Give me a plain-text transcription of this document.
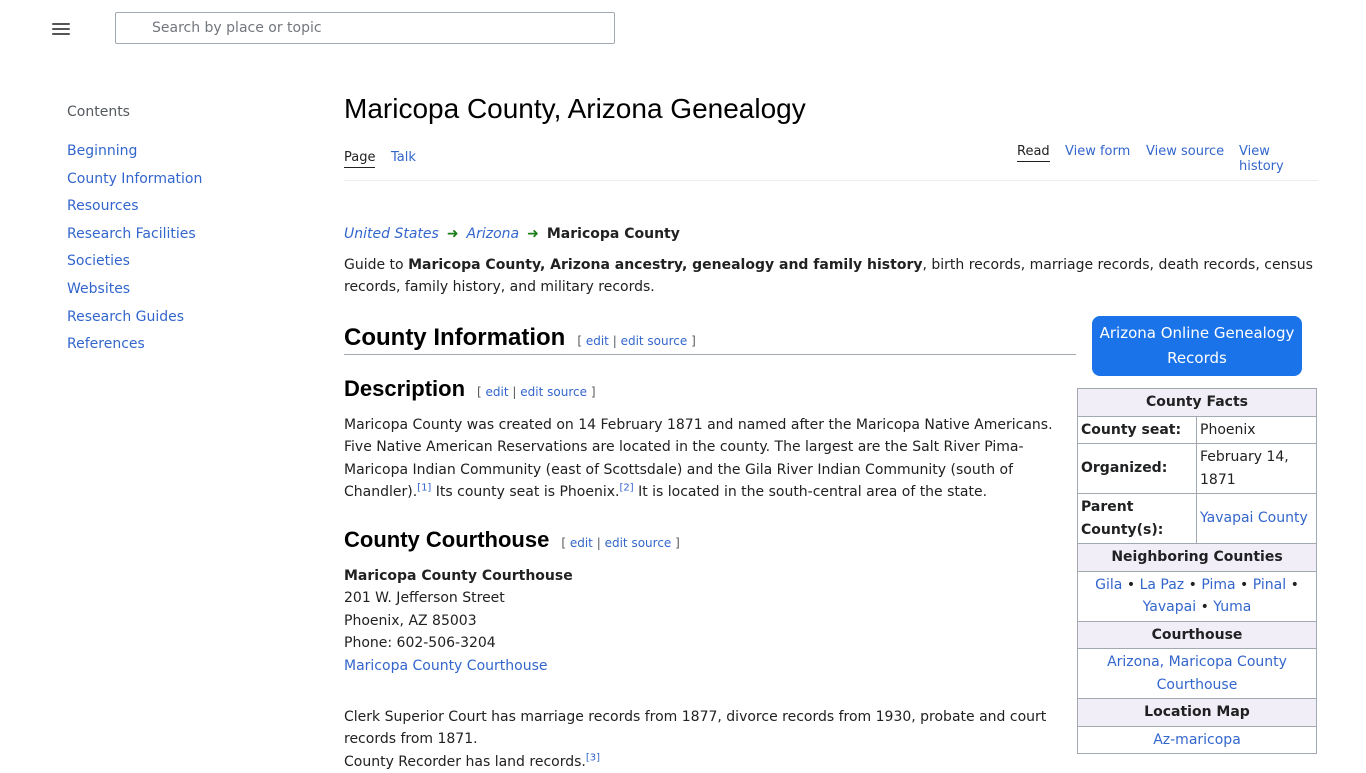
Search by place or topic
Contents
Beginning
County Information
Resources
Research Facilities
Societies
Websites
Research Guides
References
Maricopa County, Arizona Genealogy
Page Talk	Read View form View source View history
United States ➜ Arizona ➜ Maricopa County
Guide to Maricopa County, Arizona ancestry, genealogy and family history, birth records, marriage records, death records, census records, family history, and military records.
County Information [ edit | edit source ]
Description [ edit | edit source ]
Maricopa County was created on 14 February 1871 and named after the Maricopa Native Americans. Five Native American Reservations are located in the county. The largest are the Salt River Pima-Maricopa Indian Community (east of Scottsdale) and the Gila River Indian Community (south of Chandler).[1] Its county seat is Phoenix.[2] It is located in the south-central area of the state.
County Courthouse [ edit | edit source ]
Maricopa County Courthouse
201 W. Jefferson Street
Phoenix, AZ 85003
Phone: 602-506-3204
Maricopa County Courthouse
Clerk Superior Court has marriage records from 1877, divorce records from 1930, probate and court records from 1871.
County Recorder has land records.[3]
Arizona Online Genealogy Records
County Facts	
County seat:	Phoenix
Organized:	February 14, 1871
Parent County(s):	Yavapai County
Neighboring Counties	
Gila • La Paz • Pima • Pinal • Yavapai • Yuma	
Courthouse	
Arizona, Maricopa County Courthouse	
Location Map	
Az-maricopa	
